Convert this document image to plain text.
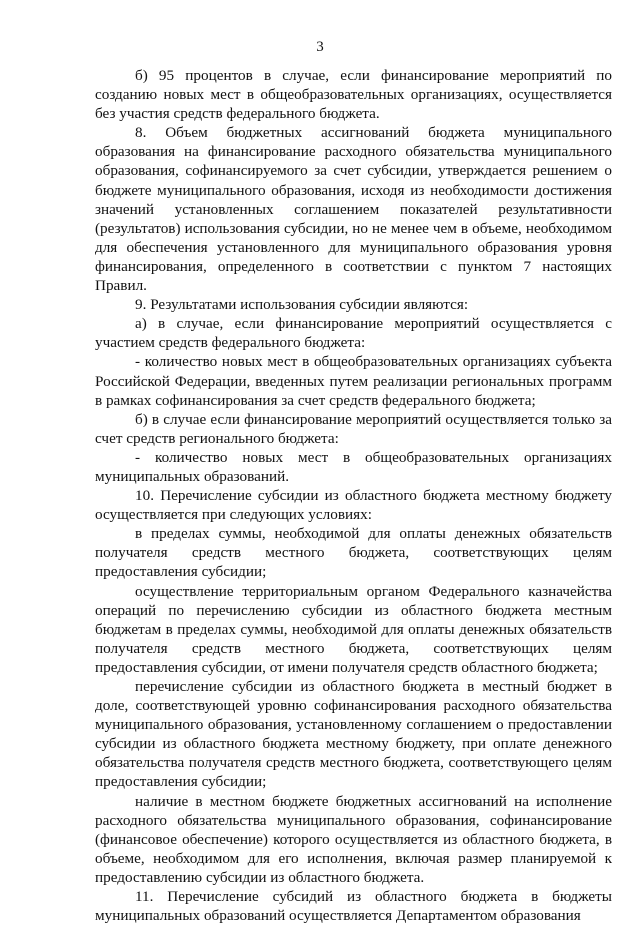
3

б) 95 процентов в случае, если финансирование мероприятий по созданию новых мест в общеобразовательных организациях, осуществляется без участия средств федерального бюджета.

8. Объем бюджетных ассигнований бюджета муниципального образования на финансирование расходного обязательства муниципального образования, софинансируемого за счет субсидии, утверждается решением о бюджете муниципального образования, исходя из необходимости достижения значений установленных соглашением показателей результативности (результатов) использования субсидии, но не менее чем в объеме, необходимом для обеспечения установленного для муниципального образования уровня финансирования, определенного в соответствии с пунктом 7 настоящих Правил.

9. Результатами использования субсидии являются:

а) в случае, если финансирование мероприятий осуществляется с участием средств федерального бюджета:

- количество новых мест в общеобразовательных организациях субъекта Российской Федерации, введенных путем реализации региональных программ в рамках софинансирования за счет средств федерального бюджета;

б) в случае если финансирование мероприятий осуществляется только за счет средств регионального бюджета:

- количество новых мест в общеобразовательных организациях муниципальных образований.

10. Перечисление субсидии из областного бюджета местному бюджету осуществляется при следующих условиях:

в пределах суммы, необходимой для оплаты денежных обязательств получателя средств местного бюджета, соответствующих целям предоставления субсидии;

осуществление территориальным органом Федерального казначейства операций по перечислению субсидии из областного бюджета местным бюджетам в пределах суммы, необходимой для оплаты денежных обязательств получателя средств местного бюджета, соответствующих целям предоставления субсидии, от имени получателя средств областного бюджета;

перечисление субсидии из областного бюджета в местный бюджет в доле, соответствующей уровню софинансирования расходного обязательства муниципального образования, установленному соглашением о предоставлении субсидии из областного бюджета местному бюджету, при оплате денежного обязательства получателя средств местного бюджета, соответствующего целям предоставления субсидии;

наличие в местном бюджете бюджетных ассигнований на исполнение расходного обязательства муниципального образования, софинансирование (финансовое обеспечение) которого осуществляется из областного бюджета, в объеме, необходимом для его исполнения, включая размер планируемой к предоставлению субсидии из областного бюджета.

11. Перечисление субсидий из областного бюджета в бюджеты муниципальных образований осуществляется Департаментом образования
